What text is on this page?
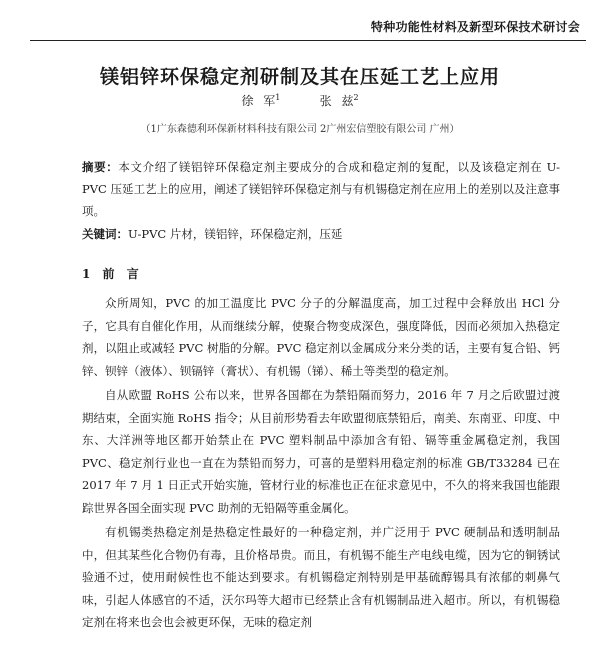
特种功能性材料及新型环保技术研讨会
镁铝锌环保稳定剂研制及其在压延工艺上应用
徐 军$^1$	张 兹$^2$
（1广东森德利环保新材料科技有限公司 2广州宏信塑胶有限公司 广州）
摘要：本文介绍了镁铝锌环保稳定剂主要成分的合成和稳定剂的复配，以及该稳定剂在 U-PVC 压延工艺上的应用，阐述了镁铝锌环保稳定剂与有机锡稳定剂在应用上的差别以及注意事项。
关键词：U-PVC 片材，镁铝锌，环保稳定剂，压延
1 前 言

众所周知，PVC 的加工温度比 PVC 分子的分解温度高，加工过程中会释放出 HCl 分子，它具有自催化作用，从而继续分解，使聚合物变成深色，强度降低，因而必须加入热稳定剂，以阻止或减轻 PVC 树脂的分解。PVC 稳定剂以金属成分来分类的话，主要有复合铅、钙锌、钡锌（液体）、钡镉锌（膏状）、有机锡（锑）、稀土等类型的稳定剂。

自从欧盟 RoHS 公布以来，世界各国都在为禁铅隔而努力，2016 年 7 月之后欧盟过渡期结束，全面实施 RoHS 指令；从目前形势看去年欧盟彻底禁铅后，南美、东南亚、印度、中东、大洋洲等地区都开始禁止在 PVC 塑料制品中添加含有铅、镉等重金属稳定剂，我国 PVC、稳定剂行业也一直在为禁铅而努力，可喜的是塑料用稳定剂的标准 GB/T33284 已在 2017 年 7 月 1 日正式开始实施，管材行业的标准也正在征求意见中，不久的将来我国也能跟踪世界各国全面实现 PVC 助剂的无铅隔等重金属化。

有机锡类热稳定剂是热稳定性最好的一种稳定剂，并广泛用于 PVC 硬制品和透明制品中，但其某些化合物仍有毒，且价格昂贵。而且，有机锡不能生产电线电缆，因为它的铜锈试验通不过，使用耐候性也不能达到要求。有机锡稳定剂特别是甲基硫醇锡具有浓郁的刺鼻气味，引起人体感官的不适，沃尔玛等大超市已经禁止含有机锡制品进入超市。所以，有机锡稳定剂在将来也会也会被更环保，无味的稳定剂
